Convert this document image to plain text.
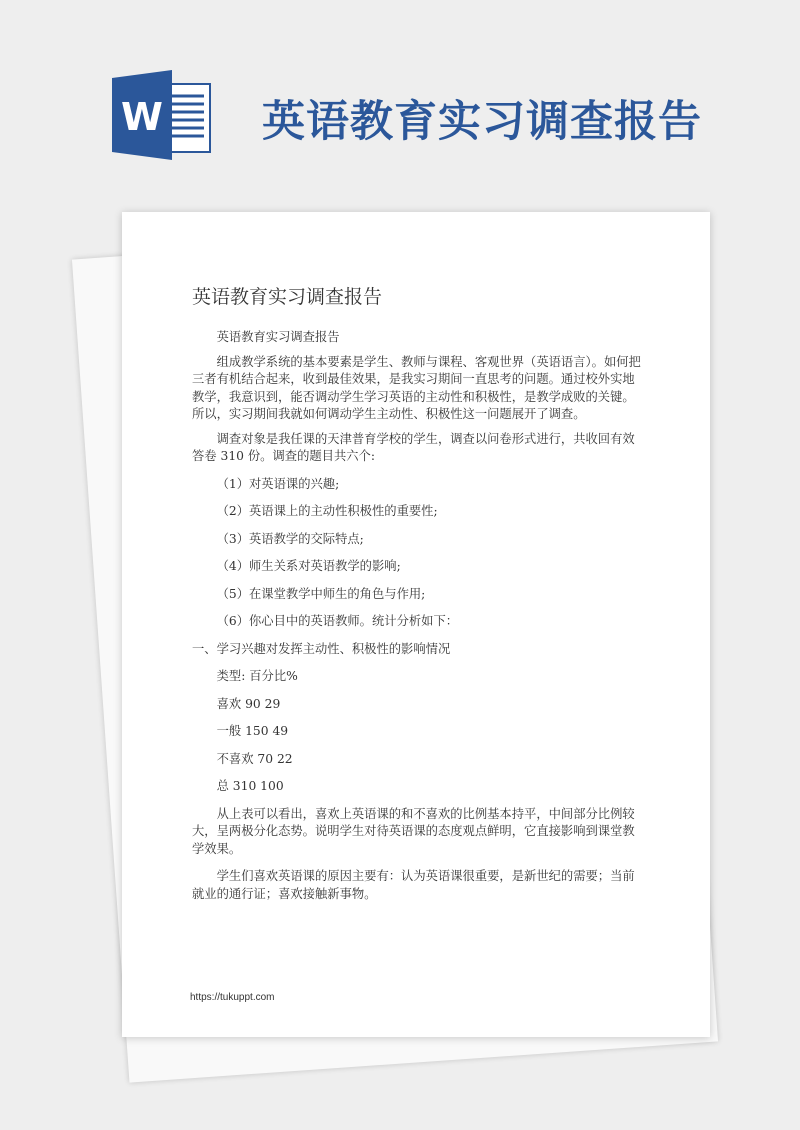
W 英语教育实习调查报告
英语教育实习调查报告

英语教育实习调查报告

组成教学系统的基本要素是学生、教师与课程、客观世界（英语语言）。如何把三者有机结合起来，收到最佳效果，是我实习期间一直思考的问题。通过校外实地教学，我意识到，能否调动学生学习英语的主动性和积极性，是教学成败的关键。所以，实习期间我就如何调动学生主动性、积极性这一问题展开了调查。

调查对象是我任课的天津普育学校的学生，调查以问卷形式进行，共收回有效答卷 310 份。调查的题目共六个:

（1）对英语课的兴趣;

（2）英语课上的主动性积极性的重要性;

（3）英语教学的交际特点;

（4）师生关系对英语教学的影响;

（5）在课堂教学中师生的角色与作用;

（6）你心目中的英语教师。统计分析如下：

一、学习兴趣对发挥主动性、积极性的影响情况

类型: 百分比%

喜欢 90 29

一般 150 49

不喜欢 70 22

总 310 100

从上表可以看出，喜欢上英语课的和不喜欢的比例基本持平，中间部分比例较大，呈两极分化态势。说明学生对待英语课的态度观点鲜明，它直接影响到课堂教学效果。

学生们喜欢英语课的原因主要有：认为英语课很重要，是新世纪的需要；当前就业的通行证；喜欢接触新事物。

https://tukuppt.com
